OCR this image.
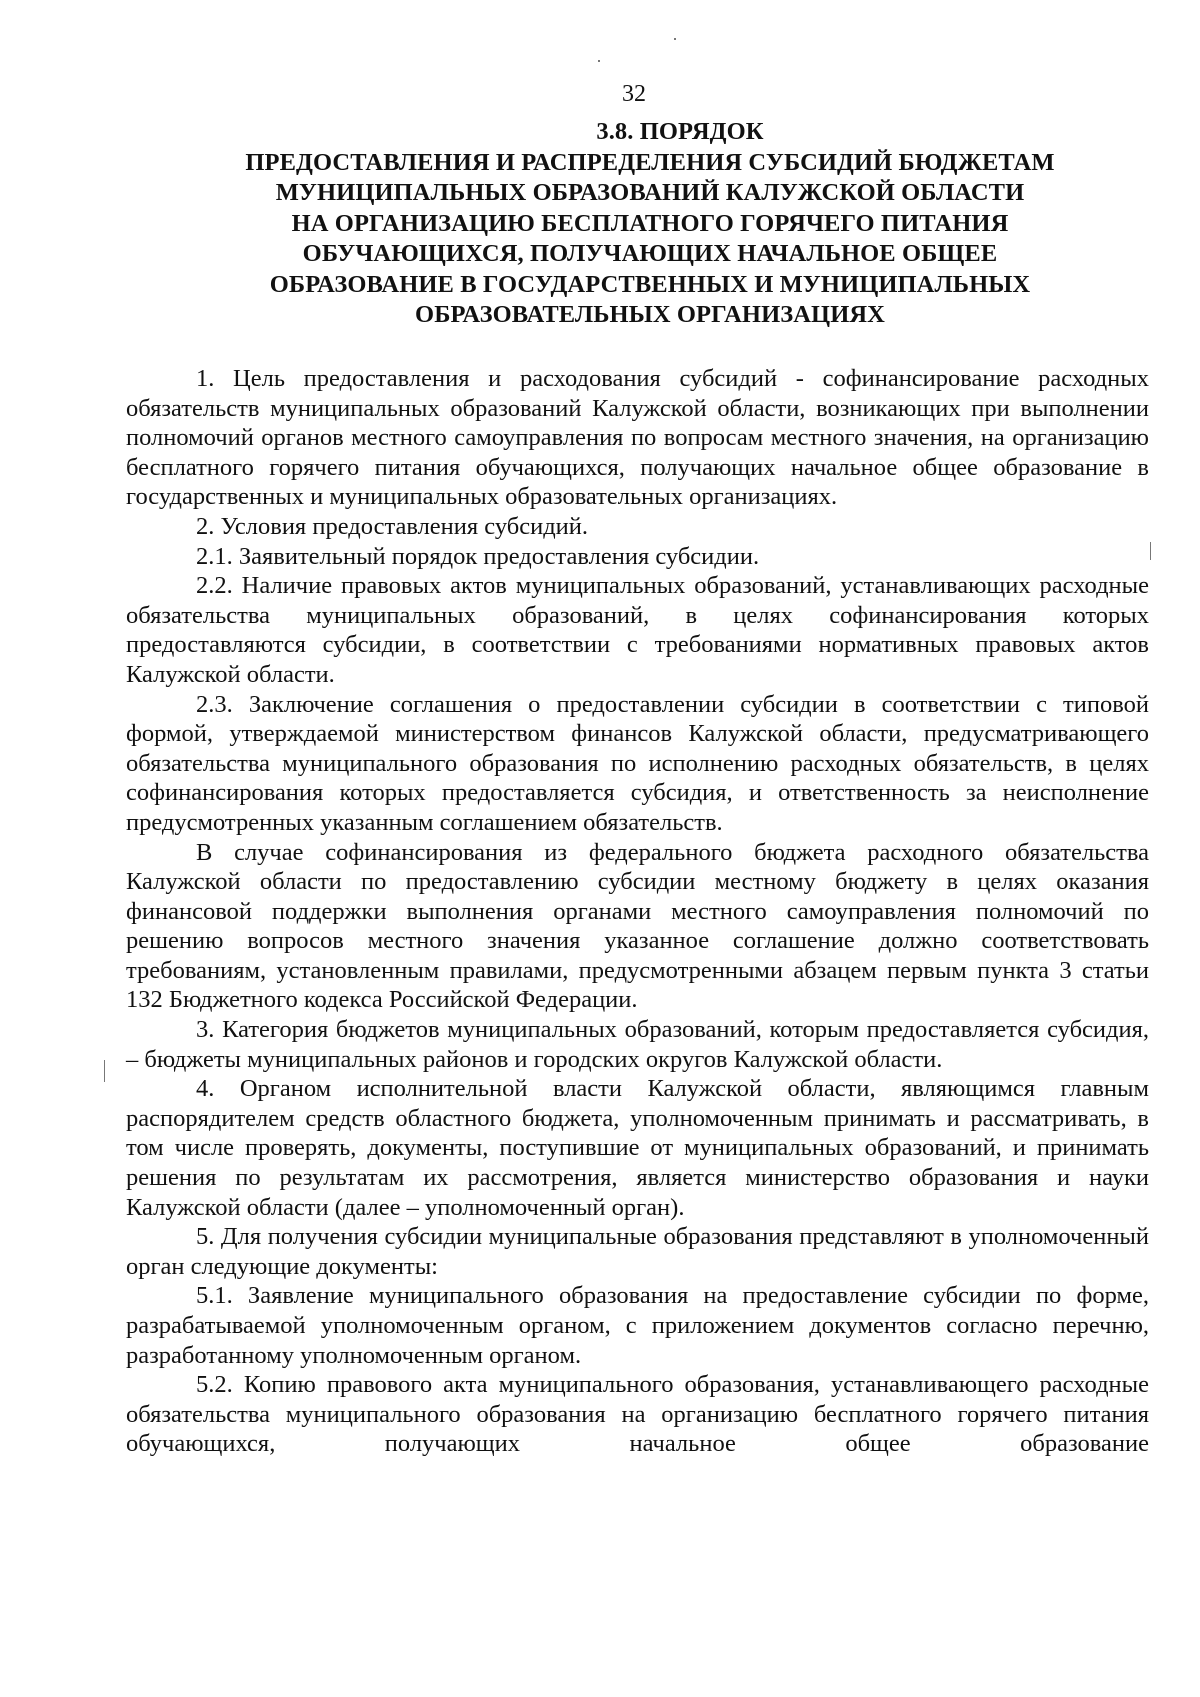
32
3.8. ПОРЯДОК
ПРЕДОСТАВЛЕНИЯ И РАСПРЕДЕЛЕНИЯ СУБСИДИЙ БЮДЖЕТАМ
МУНИЦИПАЛЬНЫХ ОБРАЗОВАНИЙ КАЛУЖСКОЙ ОБЛАСТИ
НА ОРГАНИЗАЦИЮ БЕСПЛАТНОГО ГОРЯЧЕГО ПИТАНИЯ
ОБУЧАЮЩИХСЯ, ПОЛУЧАЮЩИХ НАЧАЛЬНОЕ ОБЩЕЕ
ОБРАЗОВАНИЕ В ГОСУДАРСТВЕННЫХ И МУНИЦИПАЛЬНЫХ
ОБРАЗОВАТЕЛЬНЫХ ОРГАНИЗАЦИЯХ

1. Цель предоставления и расходования субсидий - софинансирование расходных обязательств муниципальных образований Калужской области, возникающих при выполнении полномочий органов местного самоуправления по вопросам местного значения, на организацию бесплатного горячего питания обучающихся, получающих начальное общее образование в государственных и муниципальных образовательных организациях.

2. Условия предоставления субсидий.

2.1. Заявительный порядок предоставления субсидии.

2.2. Наличие правовых актов муниципальных образований, устанавливающих расходные обязательства муниципальных образований, в целях софинансирования которых предоставляются субсидии, в соответствии с требованиями нормативных правовых актов Калужской области.

2.3. Заключение соглашения о предоставлении субсидии в соответствии с типовой формой, утверждаемой министерством финансов Калужской области, предусматривающего обязательства муниципального образования по исполнению расходных обязательств, в целях софинансирования которых предоставляется субсидия, и ответственность за неисполнение предусмотренных указанным соглашением обязательств.

В случае софинансирования из федерального бюджета расходного обязательства Калужской области по предоставлению субсидии местному бюджету в целях оказания финансовой поддержки выполнения органами местного самоуправления полномочий по решению вопросов местного значения указанное соглашение должно соответствовать требованиям, установленным правилами, предусмотренными абзацем первым пункта 3 статьи 132 Бюджетного кодекса Российской Федерации.

3. Категория бюджетов муниципальных образований, которым предоставляется субсидия, – бюджеты муниципальных районов и городских округов Калужской области.

4. Органом исполнительной власти Калужской области, являющимся главным распорядителем средств областного бюджета, уполномоченным принимать и рассматривать, в том числе проверять, документы, поступившие от муниципальных образований, и принимать решения по результатам их рассмотрения, является министерство образования и науки Калужской области (далее – уполномоченный орган).

5. Для получения субсидии муниципальные образования представляют в уполномоченный орган следующие документы:

5.1. Заявление муниципального образования на предоставление субсидии по форме, разрабатываемой уполномоченным органом, с приложением документов согласно перечню, разработанному уполномоченным органом.

5.2. Копию правового акта муниципального образования, устанавливающего расходные обязательства муниципального образования на организацию бесплатного горячего питания обучающихся, получающих начальное общее образование
